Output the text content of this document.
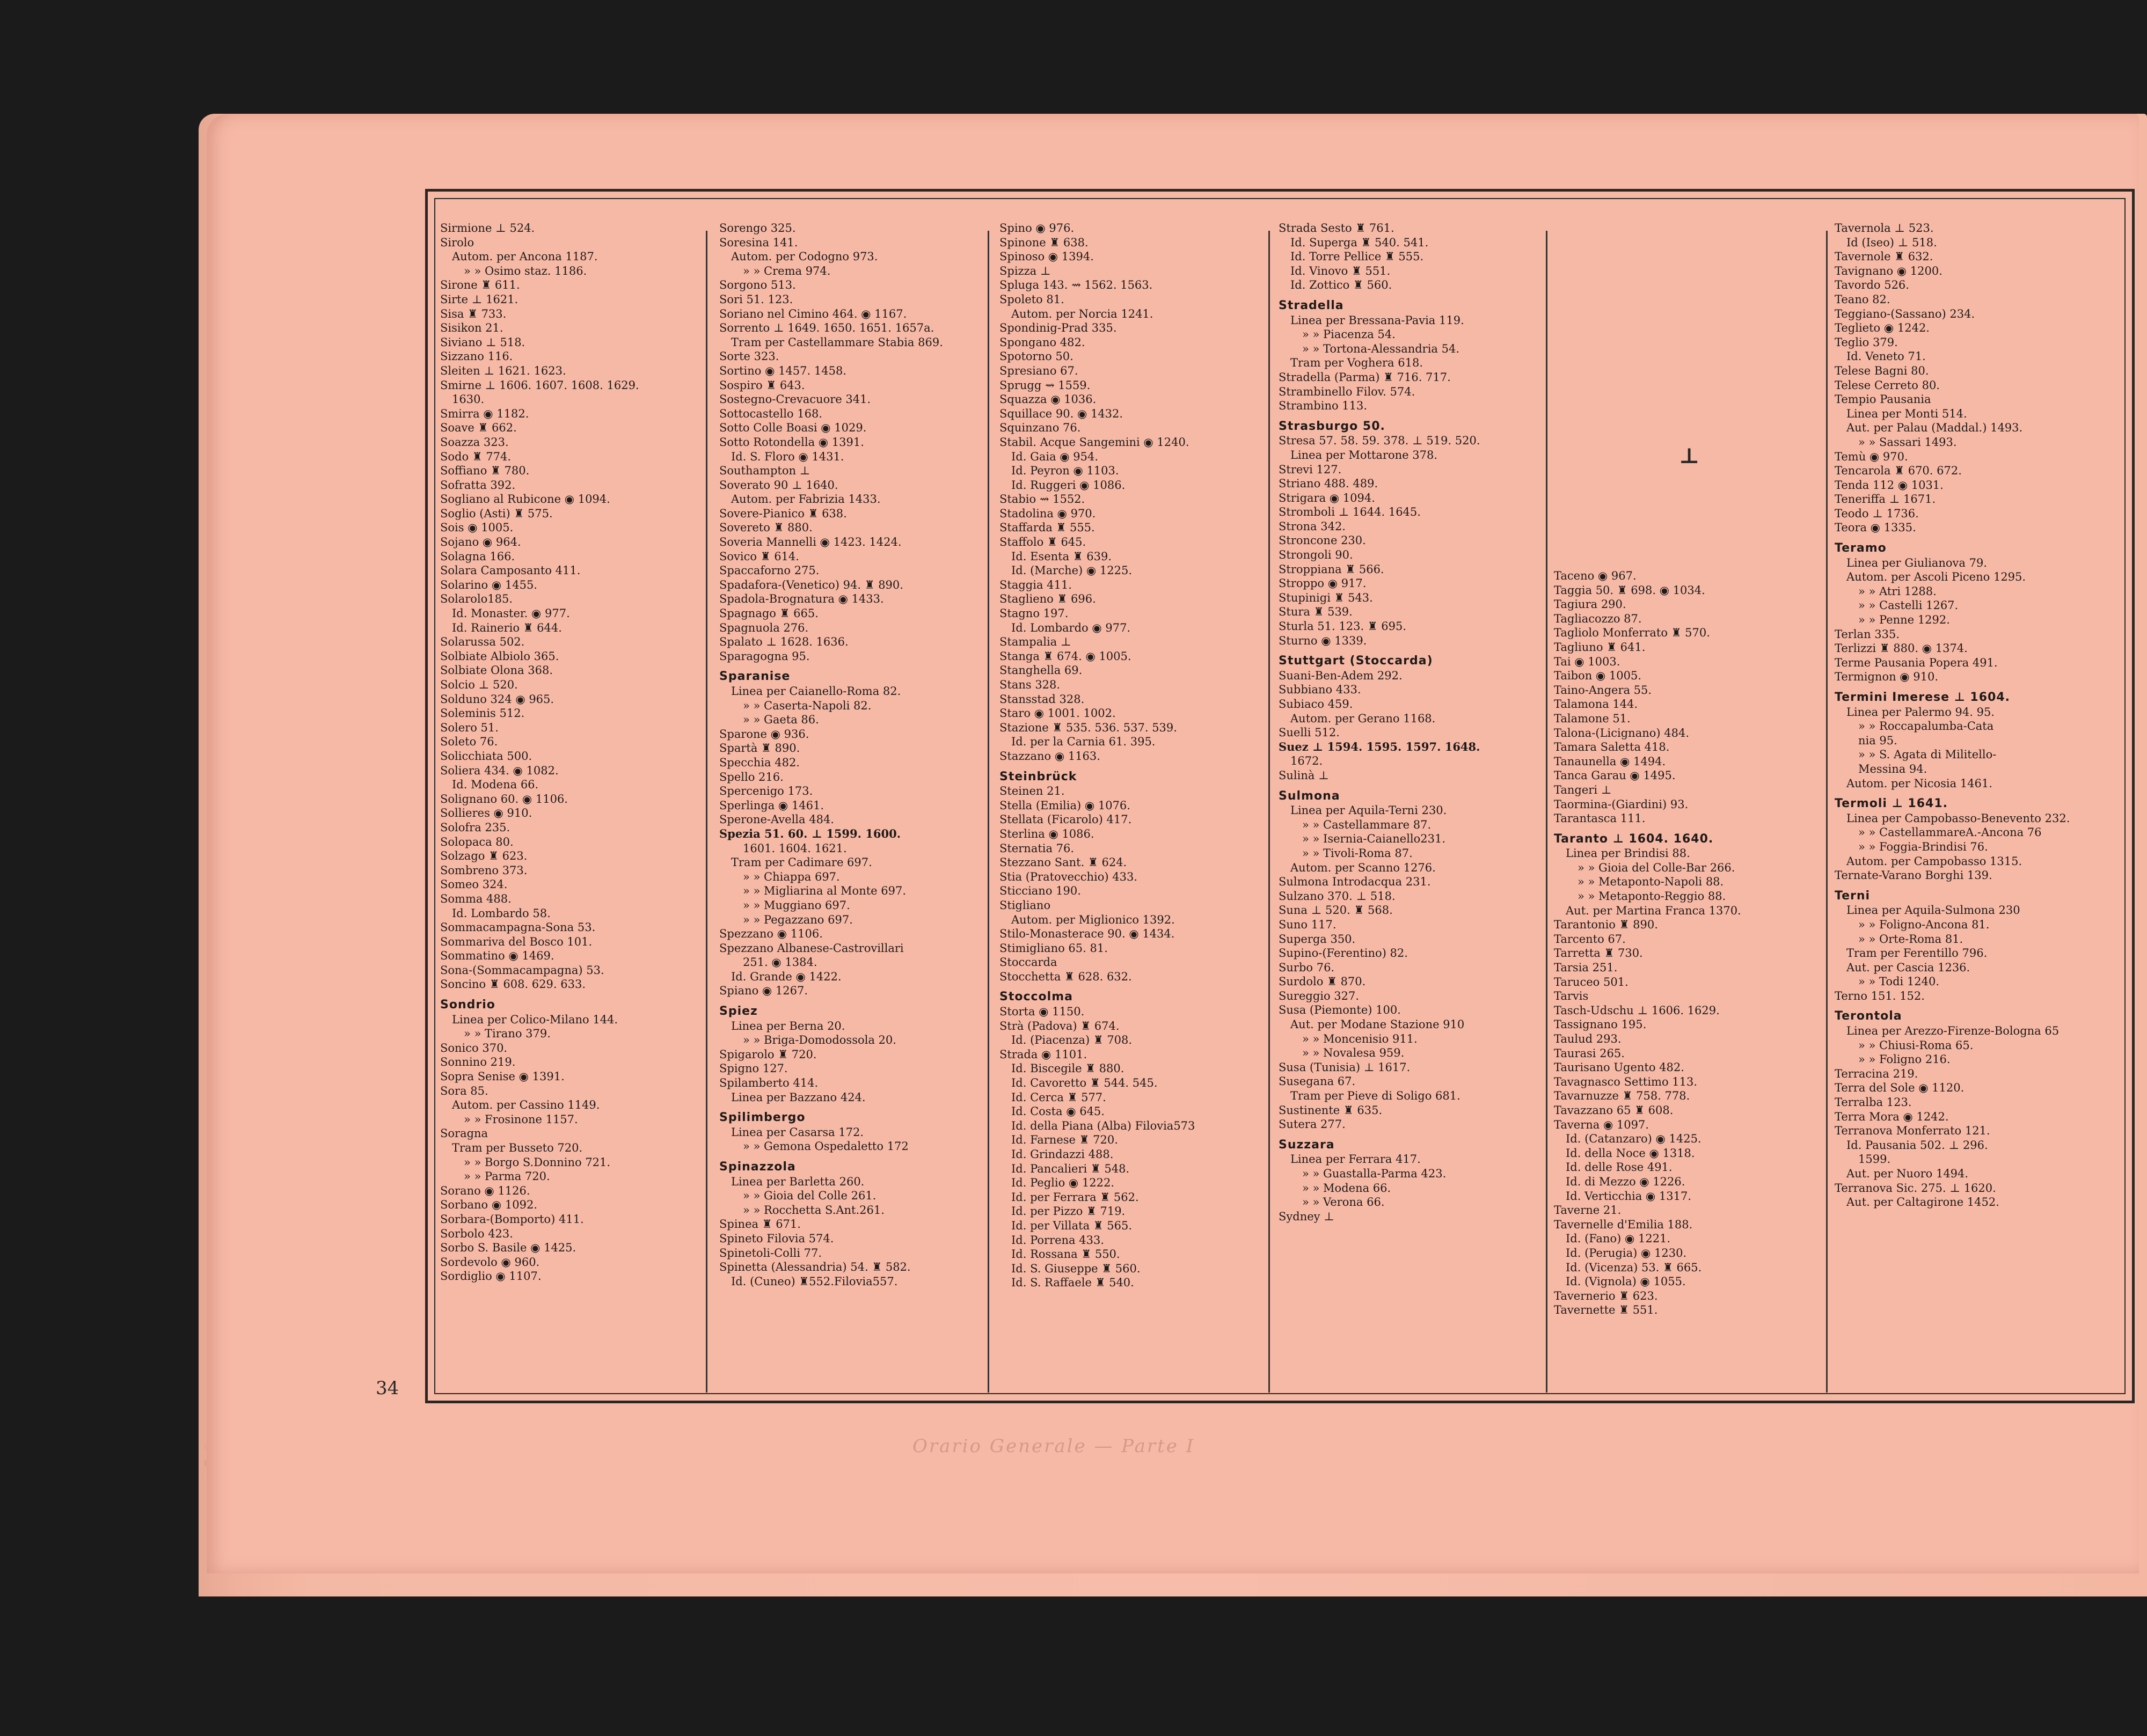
Sirmione ⊥ 524.
Sirolo
Autom. per Ancona 1187.
» » Osimo staz. 1186.
Sirone ♜ 611.
Sirte ⊥ 1621.
Sisa ♜ 733.
Sisikon 21.
Siviano ⊥ 518.
Sizzano 116.
Sleiten ⊥ 1621. 1623.
Smirne ⊥ 1606. 1607. 1608. 1629.
1630.
Smirra ◉ 1182.
Soave ♜ 662.
Soazza 323.
Sodo ♜ 774.
Soffiano ♜ 780.
Sofratta 392.
Sogliano al Rubicone ◉ 1094.
Soglio (Asti) ♜ 575.
Sois ◉ 1005.
Sojano ◉ 964.
Solagna 166.
Solara Camposanto 411.
Solarino ◉ 1455.
Solarolo185.
Id. Monaster. ◉ 977.
Id. Rainerio ♜ 644.
Solarussa 502.
Solbiate Albiolo 365.
Solbiate Olona 368.
Solcio ⊥ 520.
Solduno 324 ◉ 965.
Soleminis 512.
Solero 51.
Soleto 76.
Solicchiata 500.
Soliera 434. ◉ 1082.
Id. Modena 66.
Solignano 60. ◉ 1106.
Sollieres ◉ 910.
Solofra 235.
Solopaca 80.
Solzago ♜ 623.
Sombreno 373.
Someo 324.
Somma 488.
Id. Lombardo 58.
Sommacampagna-Sona 53.
Sommariva del Bosco 101.
Sommatino ◉ 1469.
Sona-(Sommacampagna) 53.
Soncino ♜ 608. 629. 633.
Sondrio
Linea per Colico-Milano 144.
» » Tirano 379.
Sonico 370.
Sonnino 219.
Sopra Senise ◉ 1391.
Sora 85.
Autom. per Cassino 1149.
» » Frosinone 1157.
Soragna
Tram per Busseto 720.
» » Borgo S.Donnino 721.
» » Parma 720.
Sorano ◉ 1126.
Sorbano ◉ 1092.
Sorbara-(Bomporto) 411.
Sorbolo 423.
Sorbo S. Basile ◉ 1425.
Sordevolo ◉ 960.
Sordiglio ◉ 1107.
Sorengo 325.
Soresina 141.
Autom. per Codogno 973.
» » Crema 974.
Sorgono 513.
Sori 51. 123.
Soriano nel Cimino 464. ◉ 1167.
Sorrento ⊥ 1649. 1650. 1651. 1657a.
Tram per Castellammare Stabia 869.
Sorte 323.
Sortino ◉ 1457. 1458.
Sospiro ♜ 643.
Sostegno-Crevacuore 341.
Sottocastello 168.
Sotto Colle Boasi ◉ 1029.
Sotto Rotondella ◉ 1391.
Id. S. Floro ◉ 1431.
Southampton ⊥
Soverato 90 ⊥ 1640.
Autom. per Fabrizia 1433.
Sovere-Pianico ♜ 638.
Sovereto ♜ 880.
Soveria Mannelli ◉ 1423. 1424.
Sovico ♜ 614.
Spaccaforno 275.
Spadafora-(Venetico) 94. ♜ 890.
Spadola-Brognatura ◉ 1433.
Spagnago ♜ 665.
Spagnuola 276.
Spalato ⊥ 1628. 1636.
Sparagogna 95.
Sparanise
Linea per Caianello-Roma 82.
» » Caserta-Napoli 82.
» » Gaeta 86.
Sparone ◉ 936.
Spartà ♜ 890.
Specchia 482.
Spello 216.
Spercenigo 173.
Sperlinga ◉ 1461.
Sperone-Avella 484.
Spezia 51. 60. ⊥ 1599. 1600.
1601. 1604. 1621.
Tram per Cadimare 697.
» » Chiappa 697.
» » Migliarina al Monte 697.
» » Muggiano 697.
» » Pegazzano 697.
Spezzano ◉ 1106.
Spezzano Albanese-Castrovillari
251. ◉ 1384.
Id. Grande ◉ 1422.
Spiano ◉ 1267.
Spiez
Linea per Berna 20.
» » Briga-Domodossola 20.
Spigarolo ♜ 720.
Spigno 127.
Spilamberto 414.
Linea per Bazzano 424.
Spilimbergo
Linea per Casarsa 172.
» » Gemona Ospedaletto 172
Spinazzola
Linea per Barletta 260.
» » Gioia del Colle 261.
» » Rocchetta S.Ant.261.
Spinea ♜ 671.
Spineto Filovia 574.
Spinetoli-Colli 77.
Spinetta (Alessandria) 54. ♜ 582.
Id. (Cuneo) ♜552.Filovia557.
Spino ◉ 976.
Spinone ♜ 638.
Spinoso ◉ 1394.
Spizza ⊥
Spluga 143. ⇝ 1562. 1563.
Spoleto 81.
Autom. per Norcia 1241.
Spondinig-Prad 335.
Spongano 482.
Spotorno 50.
Spresiano 67.
Sprugg ⇝ 1559.
Squazza ◉ 1036.
Squillace 90. ◉ 1432.
Squinzano 76.
Stabil. Acque Sangemini ◉ 1240.
Id. Gaia ◉ 954.
Id. Peyron ◉ 1103.
Id. Ruggeri ◉ 1086.
Stabio ⇝ 1552.
Stadolina ◉ 970.
Staffarda ♜ 555.
Staffolo ♜ 645.
Id. Esenta ♜ 639.
Id. (Marche) ◉ 1225.
Staggia 411.
Staglieno ♜ 696.
Stagno 197.
Id. Lombardo ◉ 977.
Stampalia ⊥
Stanga ♜ 674. ◉ 1005.
Stanghella 69.
Stans 328.
Stansstad 328.
Staro ◉ 1001. 1002.
Stazione ♜ 535. 536. 537. 539.
Id. per la Carnia 61. 395.
Stazzano ◉ 1163.
Steinbrück
Steinen 21.
Stella (Emilia) ◉ 1076.
Stellata (Ficarolo) 417.
Sterlina ◉ 1086.
Sternatia 76.
Stezzano Sant. ♜ 624.
Stia (Pratovecchio) 433.
Sticciano 190.
Stigliano
Autom. per Miglionico 1392.
Stilo-Monasterace 90. ◉ 1434.
Stimigliano 65. 81.
Stoccarda
Stocchetta ♜ 628. 632.
Stoccolma
Storta ◉ 1150.
Strà (Padova) ♜ 674.
Id. (Piacenza) ♜ 708.
Strada ◉ 1101.
Id. Biscegile ♜ 880.
Id. Cavoretto ♜ 544. 545.
Id. Cerca ♜ 577.
Id. Costa ◉ 645.
Id. della Piana (Alba) Filovia573
Id. Farnese ♜ 720.
Id. Grindazzi 488.
Id. Pancalieri ♜ 548.
Id. Peglio ◉ 1222.
Id. per Ferrara ♜ 562.
Id. per Pizzo ♜ 719.
Id. per Villata ♜ 565.
Id. Porrena 433.
Id. Rossana ♜ 550.
Id. S. Giuseppe ♜ 560.
Id. S. Raffaele ♜ 540.
Strada Sesto ♜ 761.
Id. Superga ♜ 540. 541.
Id. Torre Pellice ♜ 555.
Id. Vinovo ♜ 551.
Id. Zottico ♜ 560.
Stradella
Linea per Bressana-Pavia 119.
» » Piacenza 54.
» » Tortona-Alessandria 54.
Tram per Voghera 618.
Stradella (Parma) ♜ 716. 717.
Strambinello Filov. 574.
Strambino 113.
Strasburgo 50.
Stresa 57. 58. 59. 378. ⊥ 519. 520.
Linea per Mottarone 378.
Strevi 127.
Striano 488. 489.
Strigara ◉ 1094.
Stromboli ⊥ 1644. 1645.
Strona 342.
Stroncone 230.
Strongoli 90.
Stroppiana ♜ 566.
Stroppo ◉ 917.
Stupinigi ♜ 543.
Stura ♜ 539.
Sturla 51. 123. ♜ 695.
Sturno ◉ 1339.
Stuttgart (Stoccarda)
Suani-Ben-Adem 292.
Subbiano 433.
Subiaco 459.
Autom. per Gerano 1168.
Suelli 512.
Suez ⊥ 1594. 1595. 1597. 1648.
1672.
Sulinà ⊥
Sulmona
Linea per Aquila-Terni 230.
» » Castellammare 87.
» » Isernia-Caianello231.
» » Tivoli-Roma 87.
Autom. per Scanno 1276.
Sulmona Introdacqua 231.
Sulzano 370. ⊥ 518.
Suna ⊥ 520. ♜ 568.
Suno 117.
Superga 350.
Supino-(Ferentino) 82.
Surbo 76.
Surdolo ♜ 870.
Sureggio 327.
Susa (Piemonte) 100.
Aut. per Modane Stazione 910
» » Moncenisio 911.
» » Novalesa 959.
Susa (Tunisia) ⊥ 1617.
Susegana 67.
Tram per Pieve di Soligo 681.
Sustinente ♜ 635.
Sutera 277.
Suzzara
Linea per Ferrara 417.
» » Guastalla-Parma 423.
» » Modena 66.
» » Verona 66.
Sydney ⊥
Taceno ◉ 967.
Taggia 50. ♜ 698. ◉ 1034.
Tagiura 290.
Tagliacozzo 87.
Tagliolo Monferrato ♜ 570.
Tagliuno ♜ 641.
Tai ◉ 1003.
Taibon ◉ 1005.
Taino-Angera 55.
Talamona 144.
Talamone 51.
Talona-(Licignano) 484.
Tamara Saletta 418.
Tanaunella ◉ 1494.
Tanca Garau ◉ 1495.
Tangeri ⊥
Taormina-(Giardini) 93.
Tarantasca 111.
Taranto ⊥ 1604. 1640.
Linea per Brindisi 88.
» » Gioia del Colle-Bar 266.
» » Metaponto-Napoli 88.
» » Metaponto-Reggio 88.
Aut. per Martina Franca 1370.
Tarantonio ♜ 890.
Tarcento 67.
Tarretta ♜ 730.
Tarsia 251.
Taruceo 501.
Tarvis
Tasch-Udschu ⊥ 1606. 1629.
Tassignano 195.
Taulud 293.
Taurasi 265.
Taurisano Ugento 482.
Tavagnasco Settimo 113.
Tavarnuzze ♜ 758. 778.
Tavazzano 65 ♜ 608.
Taverna ◉ 1097.
Id. (Catanzaro) ◉ 1425.
Id. della Noce ◉ 1318.
Id. delle Rose 491.
Id. di Mezzo ◉ 1226.
Id. Verticchia ◉ 1317.
Taverne 21.
Tavernelle d'Emilia 188.
Id. (Fano) ◉ 1221.
Id. (Perugia) ◉ 1230.
Id. (Vicenza) 53. ♜ 665.
Id. (Vignola) ◉ 1055.
Tavernerio ♜ 623.
Tavernette ♜ 551.
Tavernola ⊥ 523.
Id (Iseo) ⊥ 518.
Tavernole ♜ 632.
Tavignano ◉ 1200.
Tavordo 526.
Teano 82.
Teggiano-(Sassano) 234.
Teglieto ◉ 1242.
Teglio 379.
Id. Veneto 71.
Telese Bagni 80.
Telese Cerreto 80.
Tempio Pausania
Linea per Monti 514.
Aut. per Palau (Maddal.) 1493.
» » Sassari 1493.
Temù ◉ 970.
Tencarola ♜ 670. 672.
Tenda 112 ◉ 1031.
Teneriffa ⊥ 1671.
Teodo ⊥ 1736.
Teora ◉ 1335.
Teramo
Linea per Giulianova 79.
Autom. per Ascoli Piceno 1295.
» » Atri 1288.
» » Castelli 1267.
» » Penne 1292.
Terlan 335.
Terlizzi ♜ 880. ◉ 1374.
Terme Pausania Popera 491.
Termignon ◉ 910.
Termini Imerese ⊥ 1604.
Linea per Palermo 94. 95.
» » Roccapalumba-Cata
nia 95.
» » S. Agata di Militello-
Messina 94.
Autom. per Nicosia 1461.
Termoli ⊥ 1641.
Linea per Campobasso-Benevento 232.
» » CastellammareA.-Ancona 76
» » Foggia-Brindisi 76.
Autom. per Campobasso 1315.
Ternate-Varano Borghi 139.
Terni
Linea per Aquila-Sulmona 230
» » Foligno-Ancona 81.
» » Orte-Roma 81.
Tram per Ferentillo 796.
Aut. per Cascia 1236.
» » Todi 1240.
Terno 151. 152.
Terontola
Linea per Arezzo-Firenze-Bologna 65
» » Chiusi-Roma 65.
» » Foligno 216.
Terracina 219.
Terra del Sole ◉ 1120.
Terralba 123.
Terra Mora ◉ 1242.
Terranova Monferrato 121.
Id. Pausania 502. ⊥ 296.
1599.
Aut. per Nuoro 1494.
Terranova Sic. 275. ⊥ 1620.
Aut. per Caltagirone 1452.
⊥
34
Orario Generale — Parte I
